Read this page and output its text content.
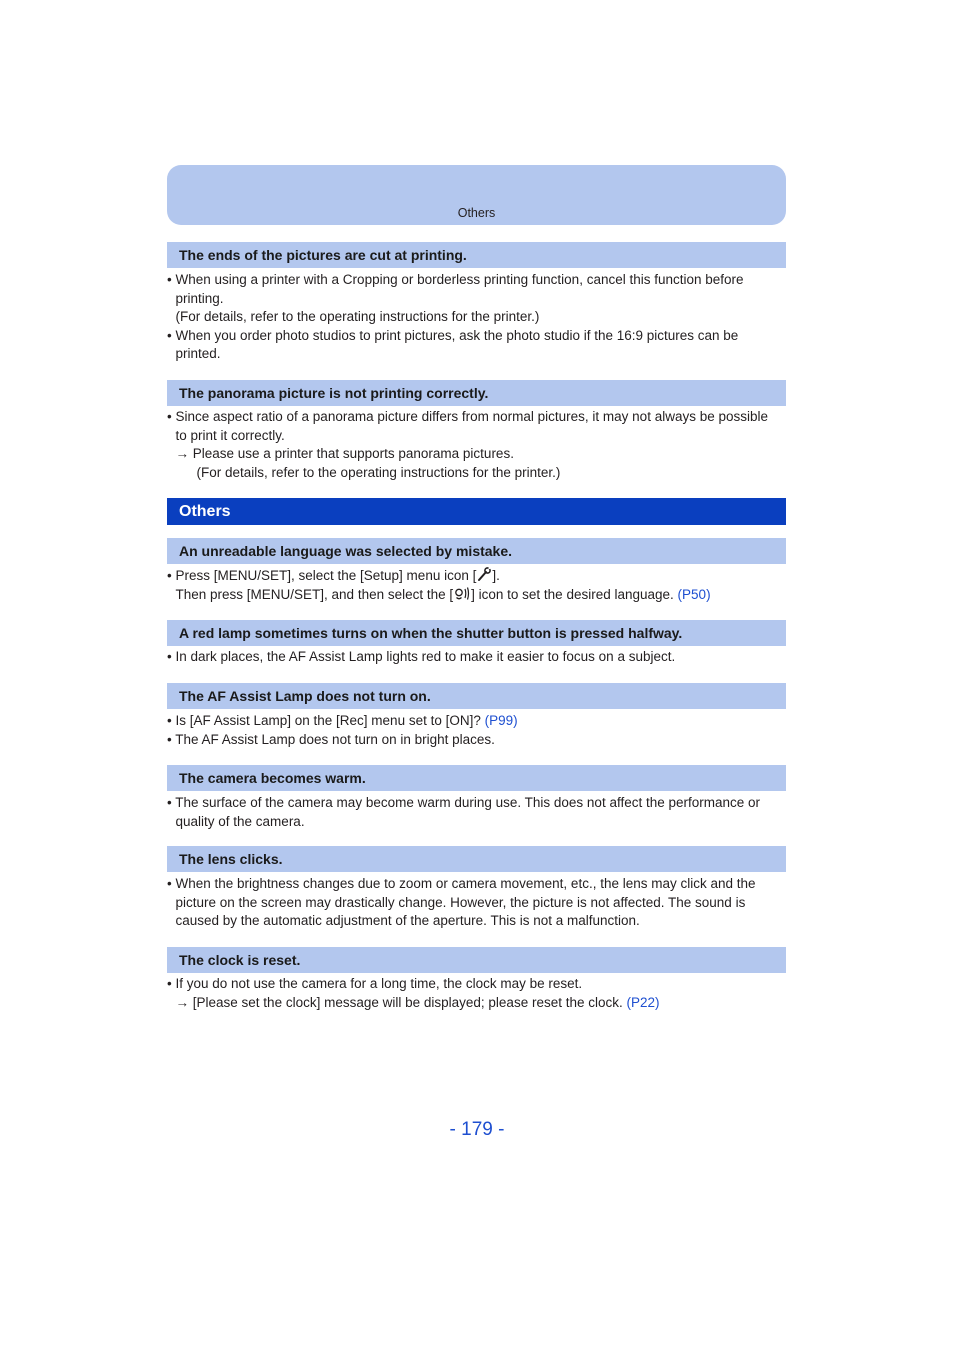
Others
The ends of the pictures are cut at printing.
• When using a printer with a Cropping or borderless printing function, cancel this function before
printing.
(For details, refer to the operating instructions for the printer.)
• When you order photo studios to print pictures, ask the photo studio if the 16:9 pictures can be
printed.
The panorama picture is not printing correctly.
• Since aspect ratio of a panorama picture differs from normal pictures, it may not always be possible
to print it correctly.
→ Please use a printer that supports panorama pictures.
(For details, refer to the operating instructions for the printer.)
Others
An unreadable language was selected by mistake.
• Press [MENU/SET], select the [Setup] menu icon [ ].
Then press [MENU/SET], and then select the [ ] icon to set the desired language. (P50)
A red lamp sometimes turns on when the shutter button is pressed halfway.
• In dark places, the AF Assist Lamp lights red to make it easier to focus on a subject.
The AF Assist Lamp does not turn on.
• Is [AF Assist Lamp] on the [Rec] menu set to [ON]? (P99)
• The AF Assist Lamp does not turn on in bright places.
The camera becomes warm.
• The surface of the camera may become warm during use. This does not affect the performance or
quality of the camera.
The lens clicks.
• When the brightness changes due to zoom or camera movement, etc., the lens may click and the
picture on the screen may drastically change. However, the picture is not affected. The sound is
caused by the automatic adjustment of the aperture. This is not a malfunction.
The clock is reset.
• If you do not use the camera for a long time, the clock may be reset.
→ [Please set the clock] message will be displayed; please reset the clock. (P22)
- 179 -
